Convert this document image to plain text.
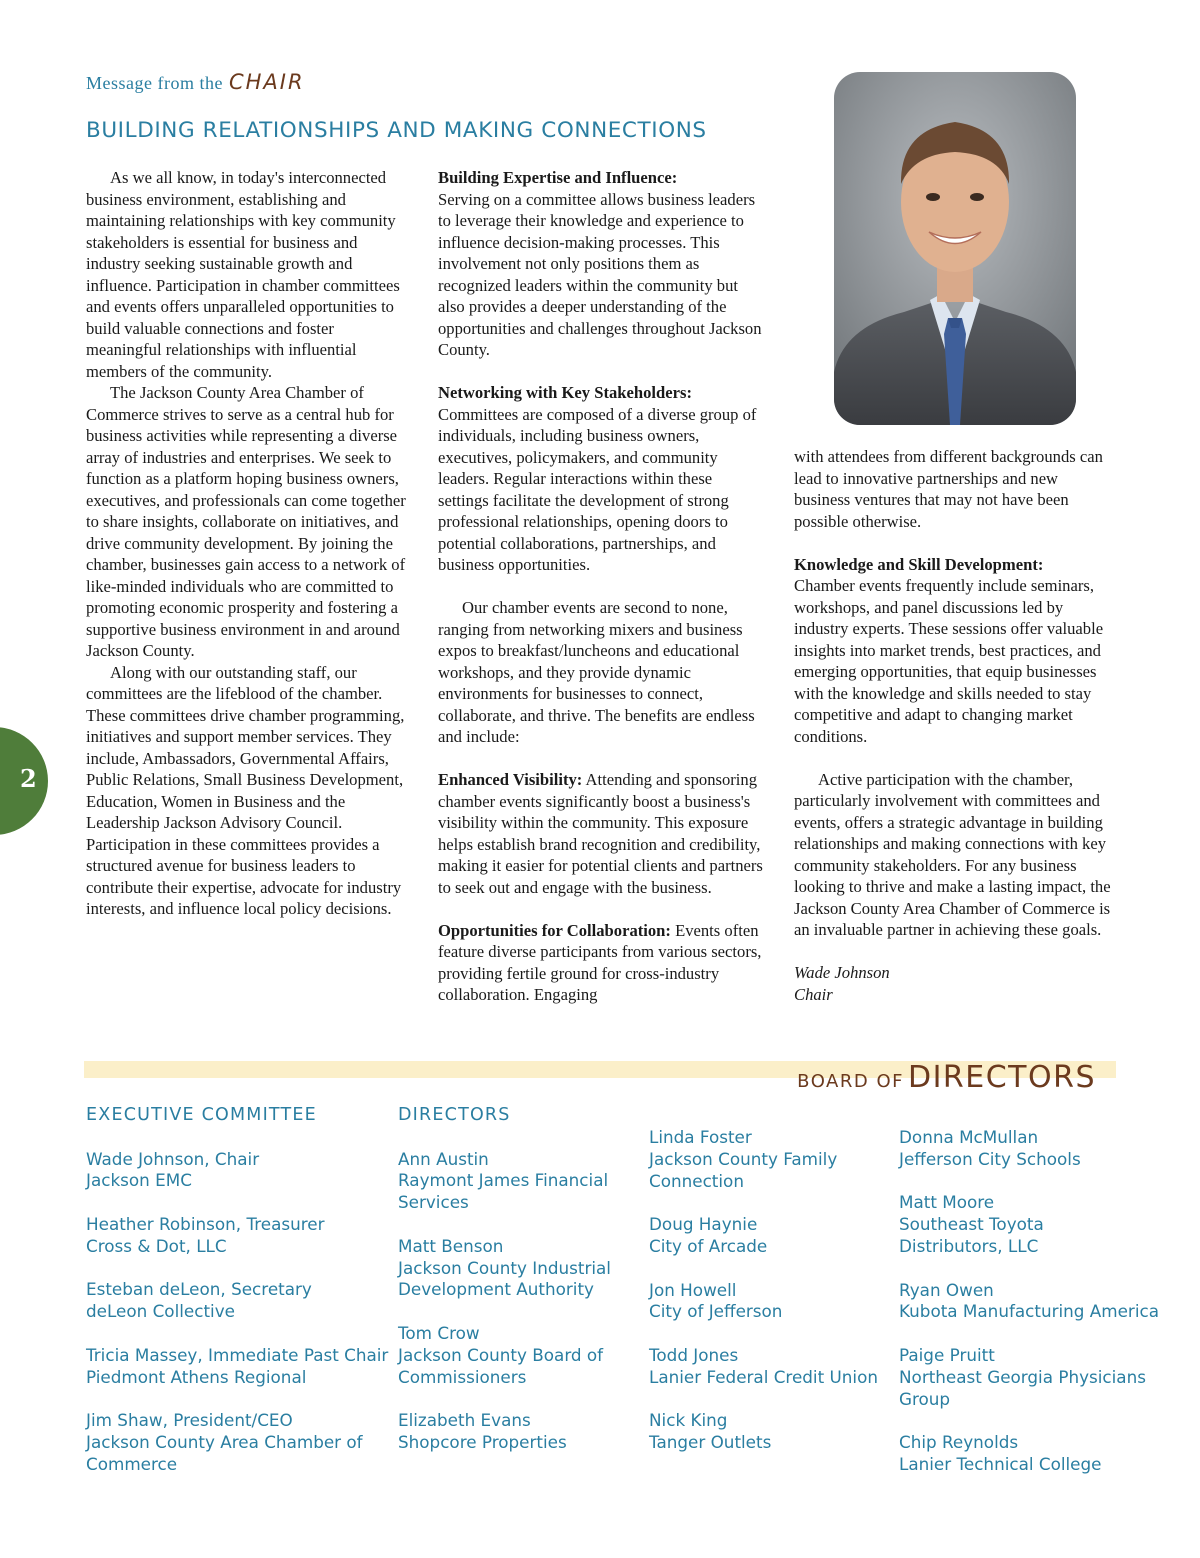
Message from the CHAIR
BUILDING RELATIONSHIPS AND MAKING CONNECTIONS

As we all know, in today's interconnected business environment, establishing and maintaining relationships with key community stakeholders is essential for business and industry seeking sustainable growth and influence. Participation in chamber committees and events offers unparalleled opportunities to build valuable connections and foster meaningful relationships with influential members of the community.

The Jackson County Area Chamber of Commerce strives to serve as a central hub for business activities while representing a diverse array of industries and enterprises. We seek to function as a platform hoping business owners, executives, and professionals can come together to share insights, collaborate on initiatives, and drive community development. By joining the chamber, businesses gain access to a network of like-minded individuals who are committed to promoting economic prosperity and fostering a supportive business environment in and around Jackson County.

Along with our outstanding staff, our committees are the lifeblood of the chamber. These committees drive chamber programming, initiatives and support member services. They include, Ambassadors, Governmental Affairs, Public Relations, Small Business Development, Education, Women in Business and the Leadership Jackson Advisory Council. Participation in these committees provides a structured avenue for business leaders to contribute their expertise, advocate for industry interests, and influence local policy decisions.

Building Expertise and Influence:

Serving on a committee allows business leaders to leverage their knowledge and experience to influence decision-making processes. This involvement not only positions them as recognized leaders within the community but also provides a deeper understanding of the opportunities and challenges throughout Jackson County.

Networking with Key Stakeholders:

Committees are composed of a diverse group of individuals, including business owners, executives, policymakers, and community leaders. Regular interactions within these settings facilitate the development of strong professional relationships, opening doors to potential collaborations, partnerships, and business opportunities.

Our chamber events are second to none, ranging from networking mixers and business expos to breakfast/luncheons and educational workshops, and they provide dynamic environments for businesses to connect, collaborate, and thrive. The benefits are endless and include:

Enhanced Visibility: Attending and sponsoring chamber events significantly boost a business's visibility within the community. This exposure helps establish brand recognition and credibility, making it easier for potential clients and partners to seek out and engage with the business.

Opportunities for Collaboration: Events often feature diverse participants from various sectors, providing fertile ground for cross-industry collaboration. Engaging

with attendees from different backgrounds can lead to innovative partnerships and new business ventures that may not have been possible otherwise.

Knowledge and Skill Development:

Chamber events frequently include seminars, workshops, and panel discussions led by industry experts. These sessions offer valuable insights into market trends, best practices, and emerging opportunities, that equip businesses with the knowledge and skills needed to stay competitive and adapt to changing market conditions.

Active participation with the chamber, particularly involvement with committees and events, offers a strategic advantage in building relationships and making connections with key community stakeholders. For any business looking to thrive and make a lasting impact, the Jackson County Area Chamber of Commerce is an invaluable partner in achieving these goals.

Wade Johnson

Chair

2
BOARD OF DIRECTORS
EXECUTIVE COMMITTEE
Wade Johnson, Chair
Jackson EMC
Heather Robinson, Treasurer
Cross & Dot, LLC
Esteban deLeon, Secretary
deLeon Collective
Tricia Massey, Immediate Past Chair
Piedmont Athens Regional
Jim Shaw, President/CEO
Jackson County Area Chamber of
Commerce
DIRECTORS
Ann Austin
Raymont James Financial
Services
Matt Benson
Jackson County Industrial
Development Authority
Tom Crow
Jackson County Board of
Commissioners
Elizabeth Evans
Shopcore Properties
Linda Foster
Jackson County Family
Connection
Doug Haynie
City of Arcade
Jon Howell
City of Jefferson
Todd Jones
Lanier Federal Credit Union
Nick King
Tanger Outlets
Donna McMullan
Jefferson City Schools
Matt Moore
Southeast Toyota
Distributors, LLC
Ryan Owen
Kubota Manufacturing America
Paige Pruitt
Northeast Georgia Physicians
Group
Chip Reynolds
Lanier Technical College
